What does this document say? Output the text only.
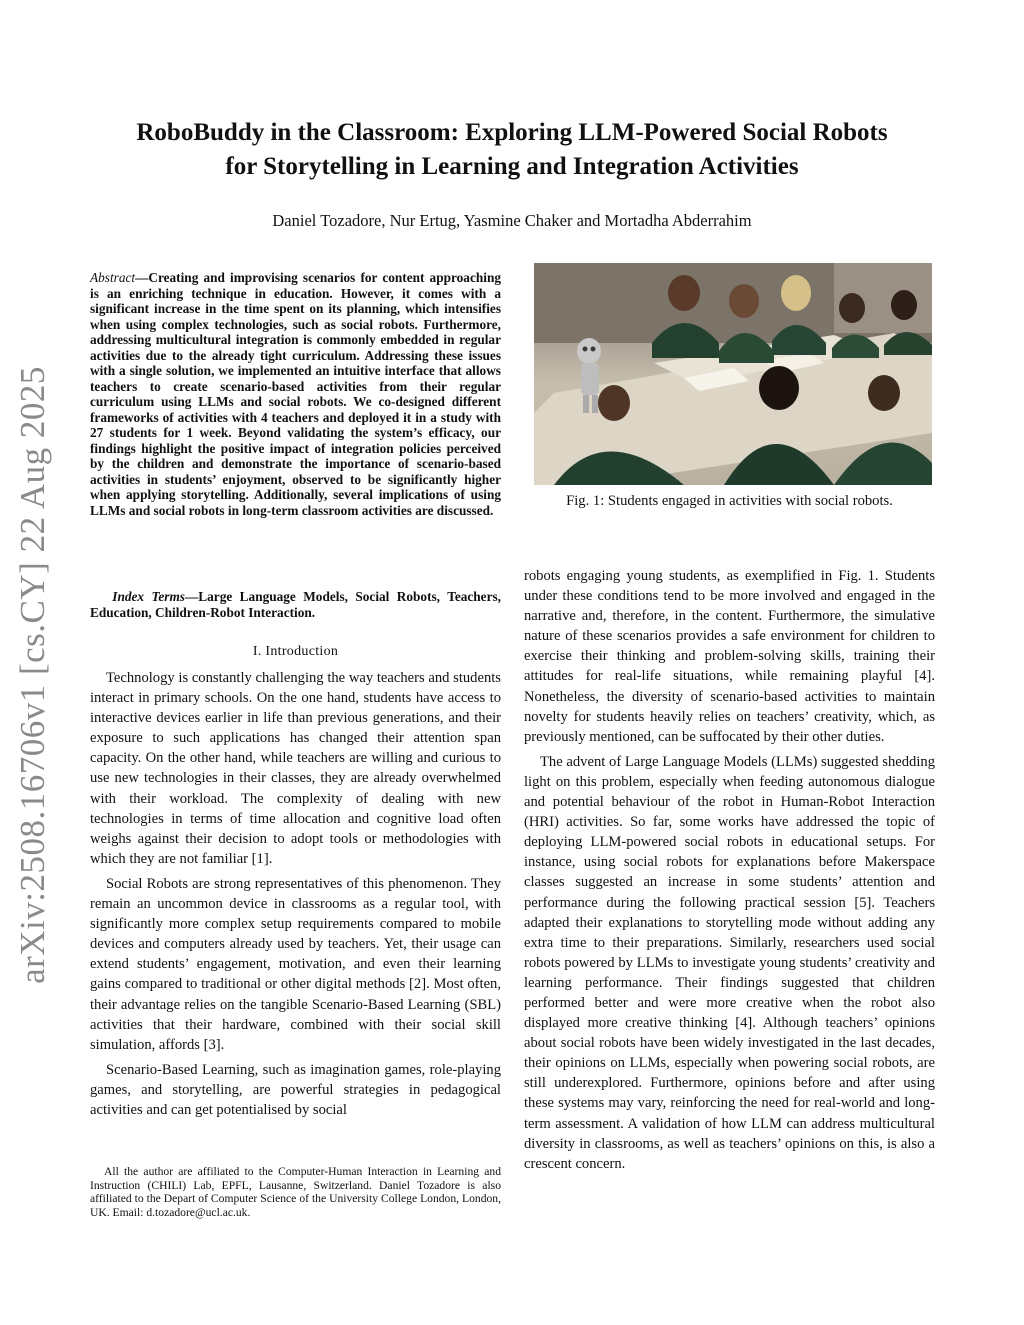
arXiv:2508.16706v1 [cs.CY] 22 Aug 2025
RoboBuddy in the Classroom: Exploring LLM-Powered Social Robots
for Storytelling in Learning and Integration Activities
Daniel Tozadore, Nur Ertug, Yasmine Chaker and Mortadha Abderrahim
Abstract—Creating and improvising scenarios for content approaching is an enriching technique in education. However, it comes with a significant increase in the time spent on its planning, which intensifies when using complex technologies, such as social robots. Furthermore, addressing multicultural integration is commonly embedded in regular activities due to the already tight curriculum. Addressing these issues with a single solution, we implemented an intuitive interface that allows teachers to create scenario-based activities from their regular curriculum using LLMs and social robots. We co-designed different frameworks of activities with 4 teachers and deployed it in a study with 27 students for 1 week. Beyond validating the system’s efficacy, our findings highlight the positive impact of integration policies perceived by the children and demonstrate the importance of scenario-based activities in students’ enjoyment, observed to be significantly higher when applying storytelling. Additionally, several implications of using LLMs and social robots in long-term classroom activities are discussed.
Index Terms—Large Language Models, Social Robots, Teachers, Education, Children-Robot Interaction.
I. Introduction

Technology is constantly challenging the way teachers and students interact in primary schools. On the one hand, students have access to interactive devices earlier in life than previous generations, and their exposure to such applications has changed their attention span capacity. On the other hand, while teachers are willing and curious to use new technologies in their classes, they are already overwhelmed with their workload. The complexity of dealing with new technologies in terms of time allocation and cognitive load often weighs against their decision to adopt tools or methodologies with which they are not familiar [1].

Social Robots are strong representatives of this phenomenon. They remain an uncommon device in classrooms as a regular tool, with significantly more complex setup requirements compared to mobile devices and computers already used by teachers. Yet, their usage can extend students’ engagement, motivation, and even their learning gains compared to traditional or other digital methods [2]. Most often, their advantage relies on the tangible Scenario-Based Learning (SBL) activities that their hardware, combined with their social skill simulation, affords [3].

Scenario-Based Learning, such as imagination games, role-playing games, and storytelling, are powerful strategies in pedagogical activities and can get potentialised by social

All the author are affiliated to the Computer-Human Interaction in Learning and Instruction (CHILI) Lab, EPFL, Lausanne, Switzerland. Daniel Tozadore is also affiliated to the Depart of Computer Science of the University College London, London, UK. Email: d.tozadore@ucl.ac.uk.
Fig. 1: Students engaged in activities with social robots.

robots engaging young students, as exemplified in Fig. 1. Students under these conditions tend to be more involved and engaged in the narrative and, therefore, in the content. Furthermore, the simulative nature of these scenarios provides a safe environment for children to exercise their thinking and problem-solving skills, training their attitudes for real-life situations, while remaining playful [4]. Nonetheless, the diversity of scenario-based activities to maintain novelty for students heavily relies on teachers’ creativity, which, as previously mentioned, can be suffocated by their other duties.

The advent of Large Language Models (LLMs) suggested shedding light on this problem, especially when feeding autonomous dialogue and potential behaviour of the robot in Human-Robot Interaction (HRI) activities. So far, some works have addressed the topic of deploying LLM-powered social robots in educational setups. For instance, using social robots for explanations before Makerspace classes suggested an increase in some students’ attention and performance during the following practical session [5]. Teachers adapted their explanations to storytelling mode without adding any extra time to their preparations. Similarly, researchers used social robots powered by LLMs to investigate young students’ creativity and learning performance. Their findings suggested that children performed better and were more creative when the robot also displayed more creative thinking [4]. Although teachers’ opinions about social robots have been widely investigated in the last decades, their opinions on LLMs, especially when powering social robots, are still underexplored. Furthermore, opinions before and after using these systems may vary, reinforcing the need for real-world and long-term assessment. A validation of how LLM can address multicultural diversity in classrooms, as well as teachers’ opinions on this, is also a crescent concern.
